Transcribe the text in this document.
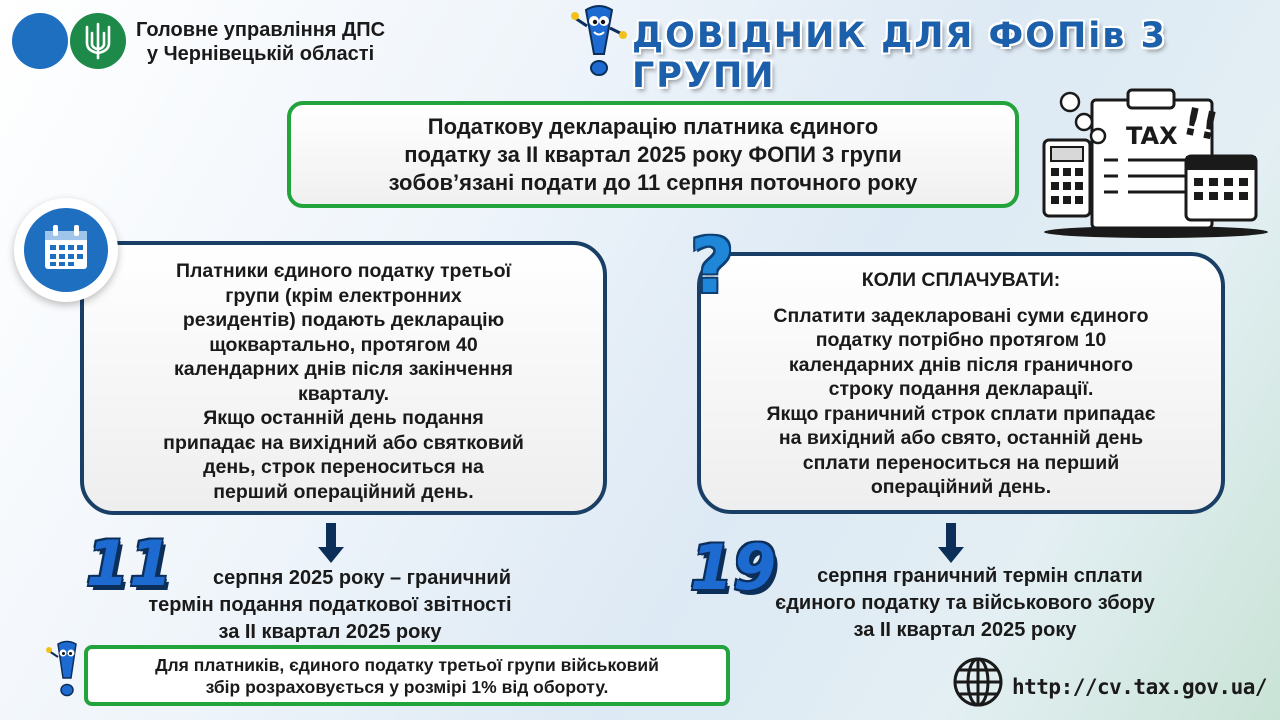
Головне управління ДПС
у Чернівецькій області	ДОВІДНИК ДЛЯ ФОПів 3 ГРУПИ
Податкову декларацію платника єдиного
податку за ІІ квартал 2025 року ФОПИ 3 групи
зобов’язані подати до 11 серпня поточного року
TAX !!
Платники єдиного податку третьої
групи (крім електронних
резидентів) подають декларацію
щоквартально, протягом 40
календарних днів після закінчення
кварталу.
Якщо останній день подання
припадає на вихідний або святковий
день, строк переноситься на
перший операційний день.
КОЛИ СПЛАЧУВАТИ:
Сплатити задекларовані суми єдиного
податку потрібно протягом 10
календарних днів після граничного
строку подання декларації.
Якщо граничний строк сплати припадає
на вихідний або свято, останній день
сплати переноситься на перший
операційний день.
?
11	серпня 2025 року – граничний
термін подання податкової звітності
за ІІ квартал 2025 року
19	серпня граничний термін сплати
єдиного податку та військового збору
за ІІ квартал 2025 року
Для платників, єдиного податку третьої групи військовий
збір розраховується у розмірі 1% від обороту.	http://cv.tax.gov.ua/
